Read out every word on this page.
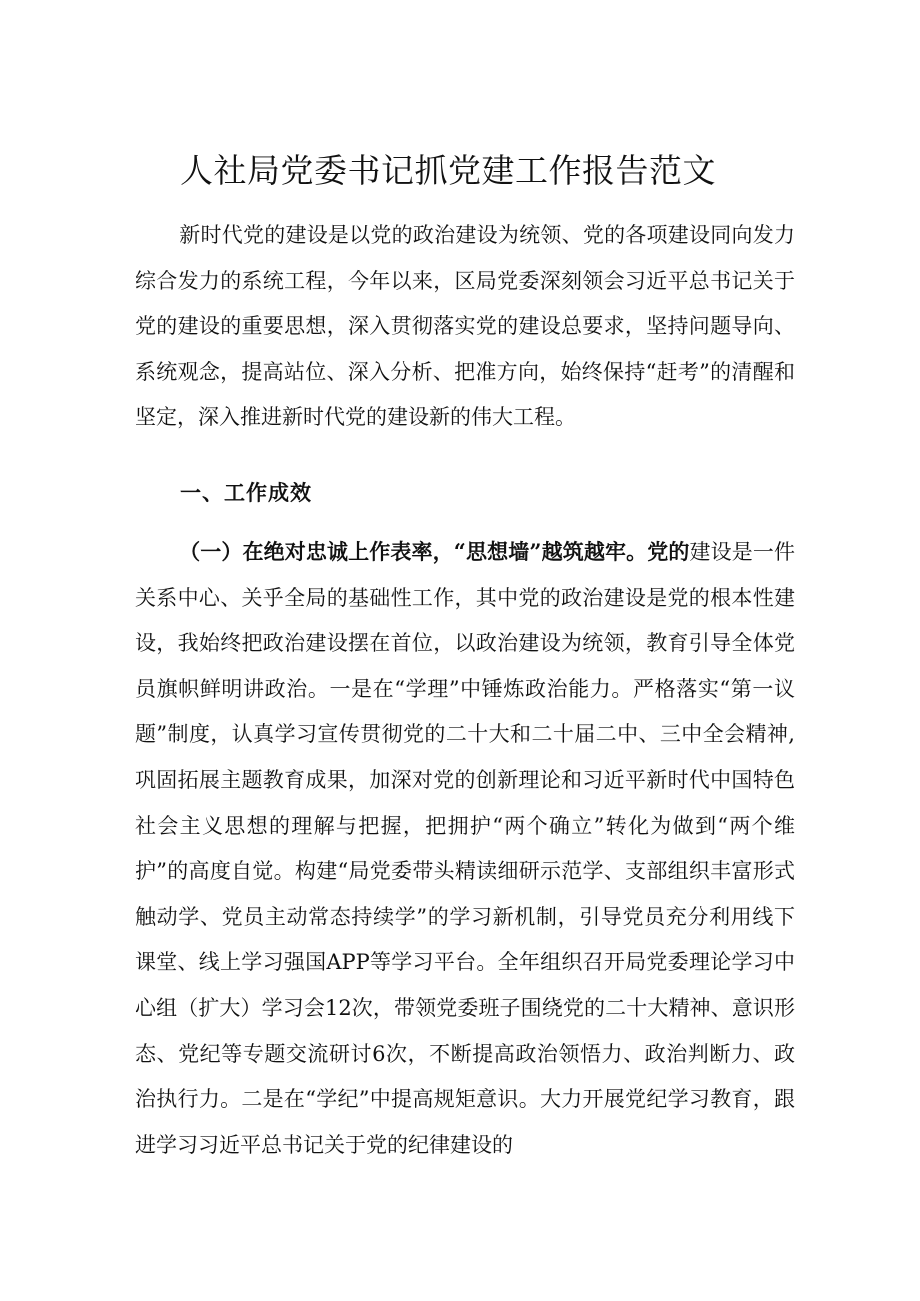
人社局党委书记抓党建工作报告范文

新时代党的建设是以党的政治建设为统领、党的各项建设同向发力综合发力的系统工程，今年以来，区局党委深刻领会习近平总书记关于党的建设的重要思想，深入贯彻落实党的建设总要求，坚持问题导向、系统观念，提高站位、深入分析、把准方向，始终保持“赶考”的清醒和坚定，深入推进新时代党的建设新的伟大工程。

一、工作成效

（一）在绝对忠诚上作表率，“思想墙”越筑越牢。党的建设是一件关系中心、关乎全局的基础性工作，其中党的政治建设是党的根本性建设，我始终把政治建设摆在首位，以政治建设为统领，教育引导全体党员旗帜鲜明讲政治。一是在“学理”中锤炼政治能力。严格落实“第一议题”制度，认真学习宣传贯彻党的二十大和二十届二中、三中全会精神,巩固拓展主题教育成果，加深对党的创新理论和习近平新时代中国特色社会主义思想的理解与把握，把拥护“两个确立”转化为做到“两个维护”的高度自觉。构建“局党委带头精读细研示范学、支部组织丰富形式触动学、党员主动常态持续学”的学习新机制，引导党员充分利用线下课堂、线上学习强国APP等学习平台。全年组织召开局党委理论学习中心组（扩大）学习会12次，带领党委班子围绕党的二十大精神、意识形态、党纪等专题交流研讨6次，不断提高政治领悟力、政治判断力、政治执行力。二是在“学纪”中提高规矩意识。大力开展党纪学习教育，跟进学习习近平总书记关于党的纪律建设的
